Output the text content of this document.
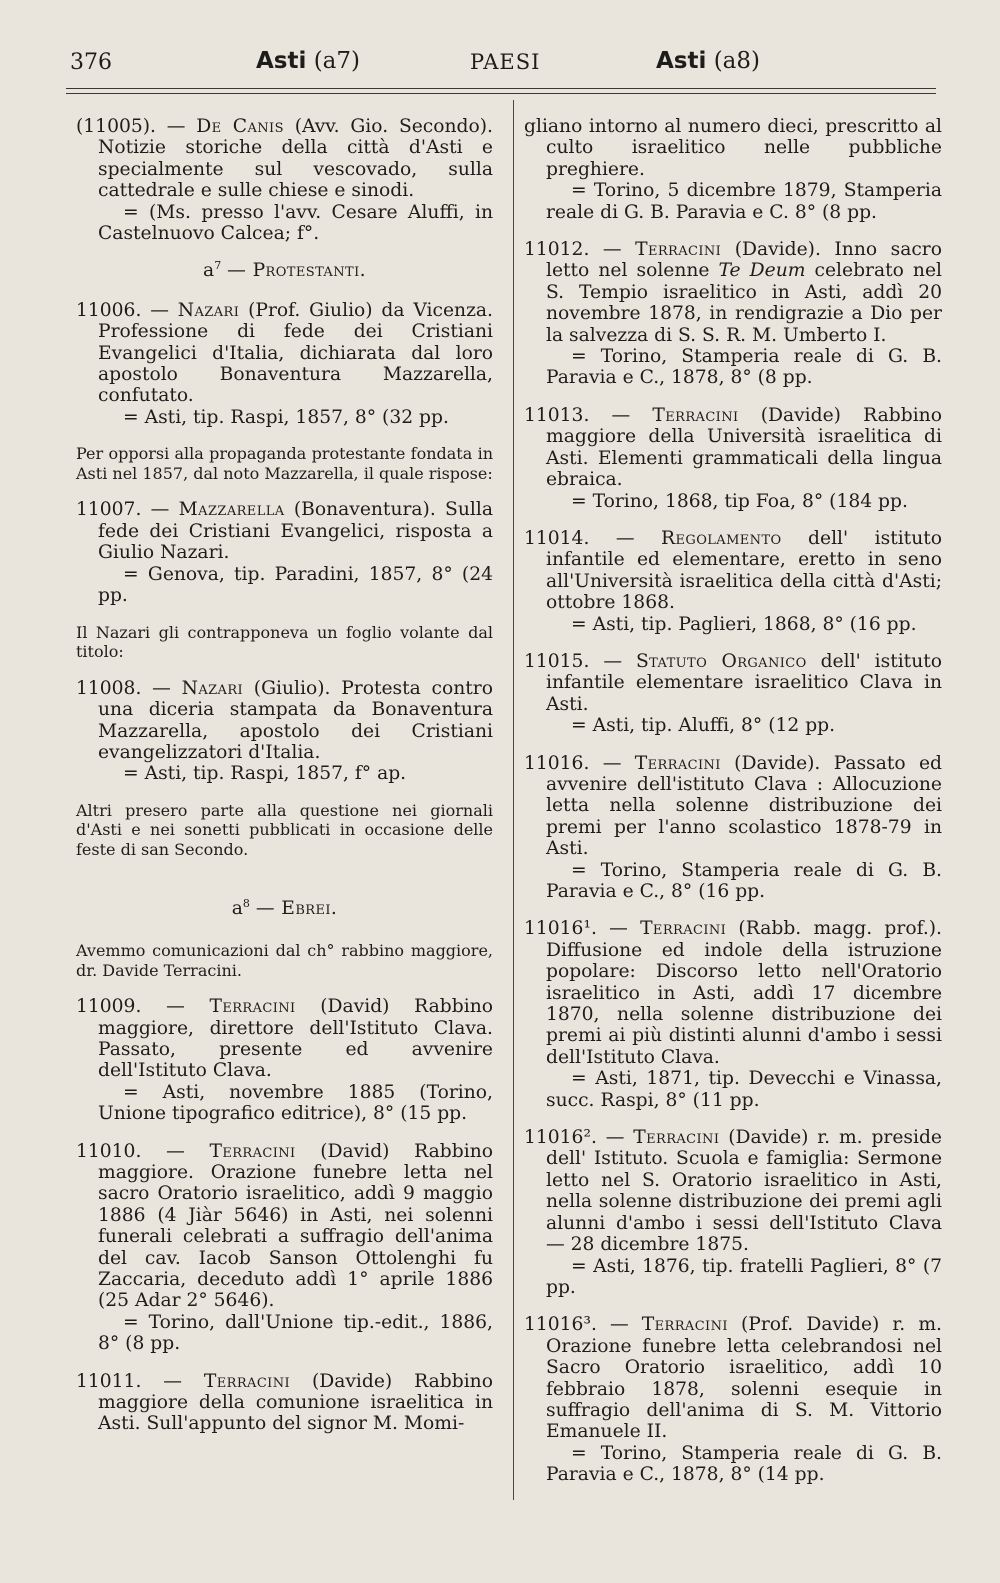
376	Asti (a7)	PAESI	Asti (a8)

(11005). — De Canis (Avv. Gio. Secondo). Notizie storiche della città d'Asti e specialmente sul vescovado, sulla cattedrale e sulle chiese e sinodi.

= (Ms. presso l'avv. Cesare Aluffi, in Castelnuovo Calcea; f°.

$a^7$ — Protestanti.

11006. — Nazari (Prof. Giulio) da Vicenza. Professione di fede dei Cristiani Evangelici d'Italia, dichiarata dal loro apostolo Bonaventura Mazzarella, confutato.

= Asti, tip. Raspi, 1857, 8° (32 pp.

Per opporsi alla propaganda protestante fondata in Asti nel 1857, dal noto Mazzarella, il quale rispose:

11007. — Mazzarella (Bonaventura). Sulla fede dei Cristiani Evangelici, risposta a Giulio Nazari.

= Genova, tip. Paradini, 1857, 8° (24 pp.

Il Nazari gli contrapponeva un foglio volante dal titolo:

11008. — Nazari (Giulio). Protesta contro una diceria stampata da Bonaventura Mazzarella, apostolo dei Cristiani evangelizzatori d'Italia.

= Asti, tip. Raspi, 1857, f° ap.

Altri presero parte alla questione nei giornali d'Asti e nei sonetti pubblicati in occasione delle feste di san Secondo.

$a^8$ — Ebrei.

Avemmo comunicazioni dal ch° rabbino maggiore, dr. Davide Terracini.

11009. — Terracini (David) Rabbino maggiore, direttore dell'Istituto Clava. Passato, presente ed avvenire dell'Istituto Clava.

= Asti, novembre 1885 (Torino, Unione tipografico editrice), 8° (15 pp.

11010. — Terracini (David) Rabbino maggiore. Orazione funebre letta nel sacro Oratorio israelitico, addì 9 maggio 1886 (4 Jiàr 5646) in Asti, nei solenni funerali celebrati a suffragio dell'anima del cav. Iacob Sanson Ottolenghi fu Zaccaria, deceduto addì 1° aprile 1886 (25 Adar 2° 5646).

= Torino, dall'Unione tip.-edit., 1886, 8° (8 pp.

11011. — Terracini (Davide) Rabbino maggiore della comunione israelitica in Asti. Sull'appunto del signor M. Momi-

gliano intorno al numero dieci, prescritto al culto israelitico nelle pubbliche preghiere.

= Torino, 5 dicembre 1879, Stamperia reale di G. B. Paravia e C. 8° (8 pp.

11012. — Terracini (Davide). Inno sacro letto nel solenne Te Deum celebrato nel S. Tempio israelitico in Asti, addì 20 novembre 1878, in rendigrazie a Dio per la salvezza di S. S. R. M. Umberto I.

= Torino, Stamperia reale di G. B. Paravia e C., 1878, 8° (8 pp.

11013. — Terracini (Davide) Rabbino maggiore della Università israelitica di Asti. Elementi grammaticali della lingua ebraica.

= Torino, 1868, tip Foa, 8° (184 pp.

11014. — Regolamento dell' istituto infantile ed elementare, eretto in seno all'Università israelitica della città d'Asti; ottobre 1868.

= Asti, tip. Paglieri, 1868, 8° (16 pp.

11015. — Statuto Organico dell' istituto infantile elementare israelitico Clava in Asti.

= Asti, tip. Aluffi, 8° (12 pp.

11016. — Terracini (Davide). Passato ed avvenire dell'istituto Clava : Allocuzione letta nella solenne distribuzione dei premi per l'anno scolastico 1878-79 in Asti.

= Torino, Stamperia reale di G. B. Paravia e C., 8° (16 pp.

11016¹. — Terracini (Rabb. magg. prof.). Diffusione ed indole della istruzione popolare: Discorso letto nell'Oratorio israelitico in Asti, addì 17 dicembre 1870, nella solenne distribuzione dei premi ai più distinti alunni d'ambo i sessi dell'Istituto Clava.

= Asti, 1871, tip. Devecchi e Vinassa, succ. Raspi, 8° (11 pp.

11016². — Terracini (Davide) r. m. preside dell' Istituto. Scuola e famiglia: Sermone letto nel S. Oratorio israelitico in Asti, nella solenne distribuzione dei premi agli alunni d'ambo i sessi dell'Istituto Clava — 28 dicembre 1875.

= Asti, 1876, tip. fratelli Paglieri, 8° (7 pp.

11016³. — Terracini (Prof. Davide) r. m. Orazione funebre letta celebrandosi nel Sacro Oratorio israelitico, addì 10 febbraio 1878, solenni esequie in suffragio dell'anima di S. M. Vittorio Emanuele II.

= Torino, Stamperia reale di G. B. Paravia e C., 1878, 8° (14 pp.
